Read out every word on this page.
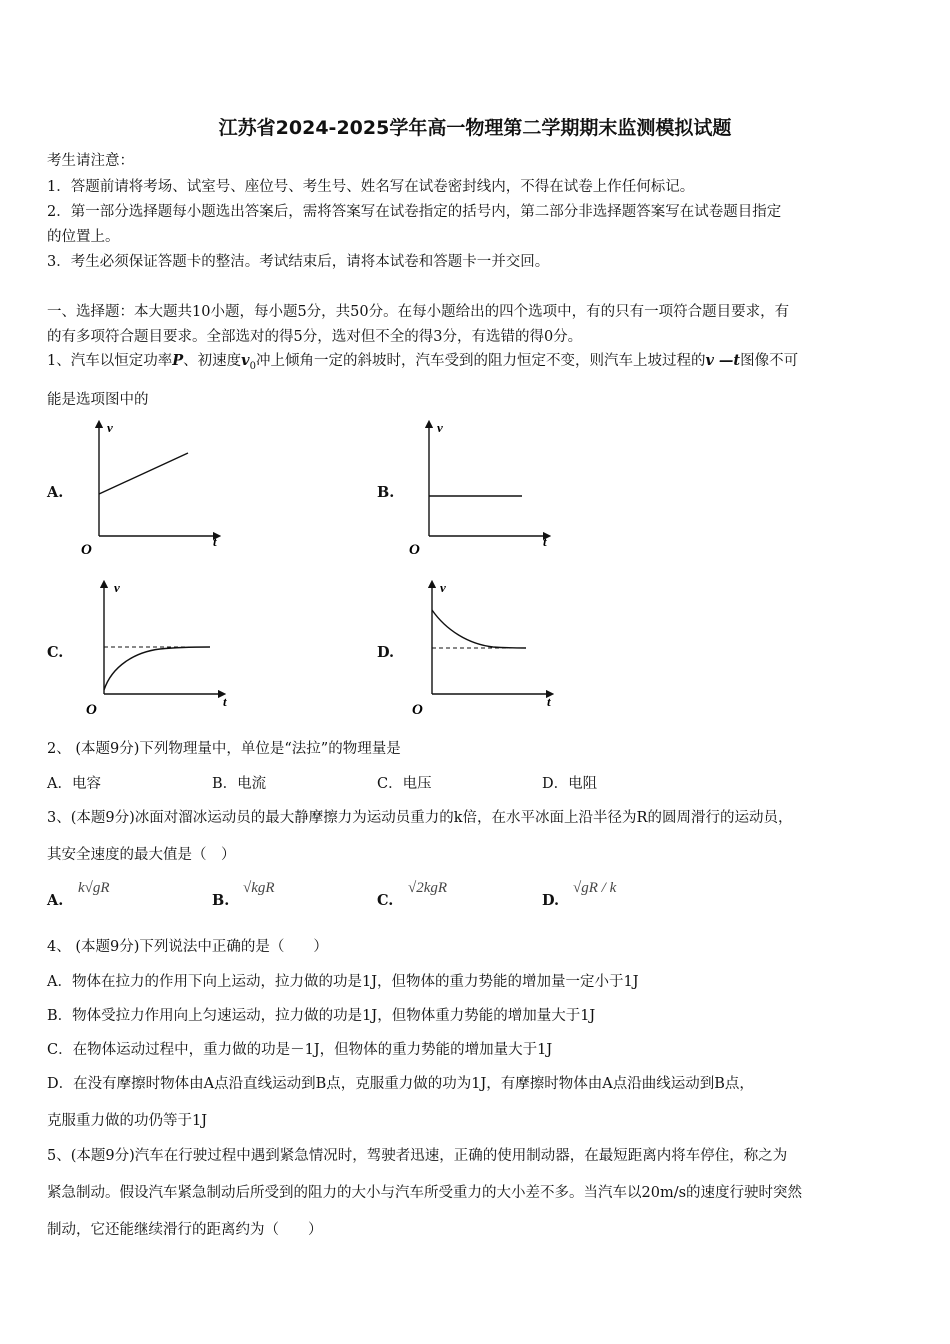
江苏省2024-2025学年高一物理第二学期期末监测模拟试题
考生请注意：
1．答题前请将考场、试室号、座位号、考生号、姓名写在试卷密封线内，不得在试卷上作任何标记。
2．第一部分选择题每小题选出答案后，需将答案写在试卷指定的括号内，第二部分非选择题答案写在试卷题目指定
的位置上。
3．考生必须保证答题卡的整洁。考试结束后，请将本试卷和答题卡一并交回。
一、选择题：本大题共10小题，每小题5分，共50分。在每小题给出的四个选项中，有的只有一项符合题目要求，有
的有多项符合题目要求。全部选对的得5分，选对但不全的得3分，有选错的得0分。
1、汽车以恒定功率P、初速度$v_0$冲上倾角一定的斜坡时，汽车受到的阻力恒定不变，则汽车上坡过程的v —t图像不可
能是选项图中的
A.	B.
C.	D.
v
t
O
v
t
O
v
t
O
v
t
O
2、 (本题9分)下列物理量中，单位是“法拉”的物理量是
A．电容	B．电流	C．电压	D．电阻
3、(本题9分)冰面对溜冰运动员的最大静摩擦力为运动员重力的k倍，在水平冰面上沿半径为R的圆周滑行的运动员，
其安全速度的最大值是（　）
A.
k√gR
B.
√kgR
C.
√2kgR
D.
√gR / k
4、 (本题9分)下列说法中正确的是（　　）
A．物体在拉力的作用下向上运动，拉力做的功是1J，但物体的重力势能的增加量一定小于1J
B．物体受拉力作用向上匀速运动，拉力做的功是1J，但物体重力势能的增加量大于1J
C．在物体运动过程中，重力做的功是－1J，但物体的重力势能的增加量大于1J
D．在没有摩擦时物体由A点沿直线运动到B点，克服重力做的功为1J，有摩擦时物体由A点沿曲线运动到B点，
克服重力做的功仍等于1J
5、(本题9分)汽车在行驶过程中遇到紧急情况时，驾驶者迅速，正确的使用制动器，在最短距离内将车停住，称之为
紧急制动。假设汽车紧急制动后所受到的阻力的大小与汽车所受重力的大小差不多。当汽车以20m/s的速度行驶时突然
制动，它还能继续滑行的距离约为（　　）
